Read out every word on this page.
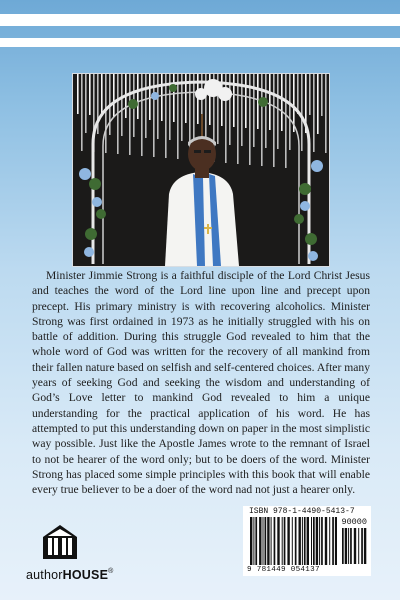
Minister Jimmie Strong is a faithful disciple of the Lord Christ Jesus and teaches the word of the Lord line upon line and precept upon precept. His primary ministry is with recovering alcoholics. Minister Strong was first ordained in 1973 as he initially struggled with his on battle of addition. During this struggle God revealed to him that the whole word of God was written for the recovery of all mankind from their fallen nature based on selfish and self-centered choices. After many years of seeking God and seeking the wisdom and understanding of God’s Love letter to mankind God revealed to him a unique understanding for the practical application of his word. He has attempted to put this understanding down on paper in the most simplistic way possible. Just like the Apostle James wrote to the remnant of Israel to not be hearer of the word only; but to be doers of the word. Minister Strong has placed some simple principles with this book that will enable every true believer to be a doer of the word nad not just a hearer only.

authorHOUSE®
ISBN 978-1-4490-5413-7
90000
9 781449 054137
